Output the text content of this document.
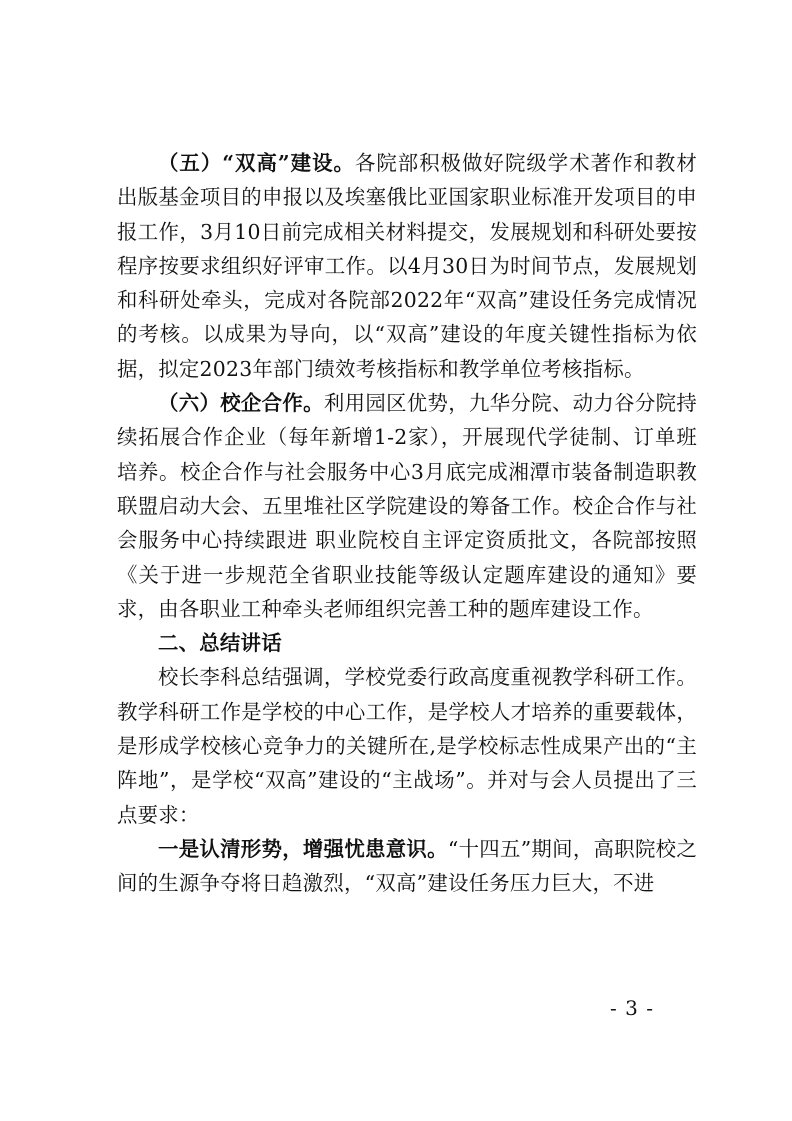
（五）“双高”建设。各院部积极做好院级学术著作和教材出版基金项目的申报以及埃塞俄比亚国家职业标准开发项目的申报工作，3月10日前完成相关材料提交，发展规划和科研处要按程序按要求组织好评审工作。以4月30日为时间节点，发展规划和科研处牵头，完成对各院部2022年“双高”建设任务完成情况的考核。以成果为导向，以“双高”建设的年度关键性指标为依据，拟定2023年部门绩效考核指标和教学单位考核指标。

（六）校企合作。利用园区优势，九华分院、动力谷分院持续拓展合作企业（每年新增1-2家），开展现代学徒制、订单班培养。校企合作与社会服务中心3月底完成湘潭市装备制造职教联盟启动大会、五里堆社区学院建设的筹备工作。校企合作与社会服务中心持续跟进 职业院校自主评定资质批文，各院部按照《关于进一步规范全省职业技能等级认定题库建设的通知》要求，由各职业工种牵头老师组织完善工种的题库建设工作。

二、总结讲话

校长李科总结强调，学校党委行政高度重视教学科研工作。教学科研工作是学校的中心工作，是学校人才培养的重要载体，是形成学校核心竞争力的关键所在,是学校标志性成果产出的“主阵地”，是学校“双高”建设的“主战场”。并对与会人员提出了三点要求：

一是认清形势，增强忧患意识。“十四五”期间，高职院校之间的生源争夺将日趋激烈，“双高”建设任务压力巨大，不进

- 3 -
